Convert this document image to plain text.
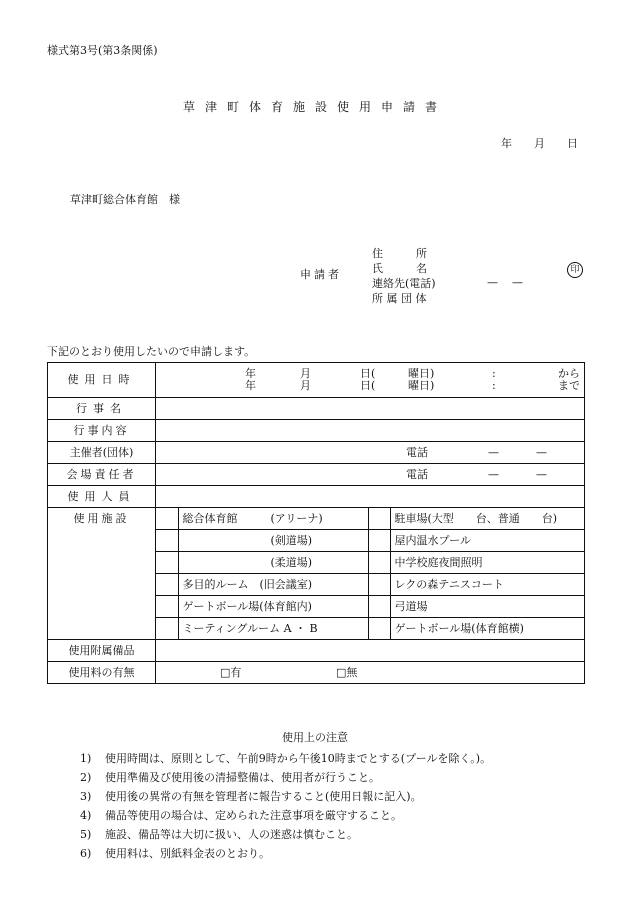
様式第3号(第3条関係)
草津町体育施設使用申請書
年　　月　　日
草津町総合体育館　様
申請者
住　　　所
氏　　　名
連絡先(電話)
所 属 団 体
——
印
下記のとおり使用したいので申請します。
使用日時	年	月	日(	曜日)	:	から
年	月	日(	曜日)	:	まで

行事名	
行事内容	
主催者(団体)	電話	—	—

会場責任者	電話	—	—

使用人員	
使用施設	
		総合体育館　　　(アリーナ)		駐車場(大型　　台、普通　　台)
	　　　　　　　　(剣道場)		屋内温水プール
	　　　　　　　　(柔道場)		中学校庭夜間照明
	多目的ルーム　(旧会議室)		レクの森テニスコート
	ゲートボール場(体育館内)		弓道場
	ミーティングルーム A ・ B		ゲートボール場(体育館横)

使用附属備品	
使用料の有無	□有	□無
使用上の注意
1) 使用時間は、原則として、午前9時から午後10時までとする(プールを除く。)。
2) 使用準備及び使用後の清掃整備は、使用者が行うこと。
3) 使用後の異常の有無を管理者に報告すること(使用日報に記入)。
4) 備品等使用の場合は、定められた注意事項を厳守すること。
5) 施設、備品等は大切に扱い、人の迷惑は慎むこと。
6) 使用料は、別紙料金表のとおり。
